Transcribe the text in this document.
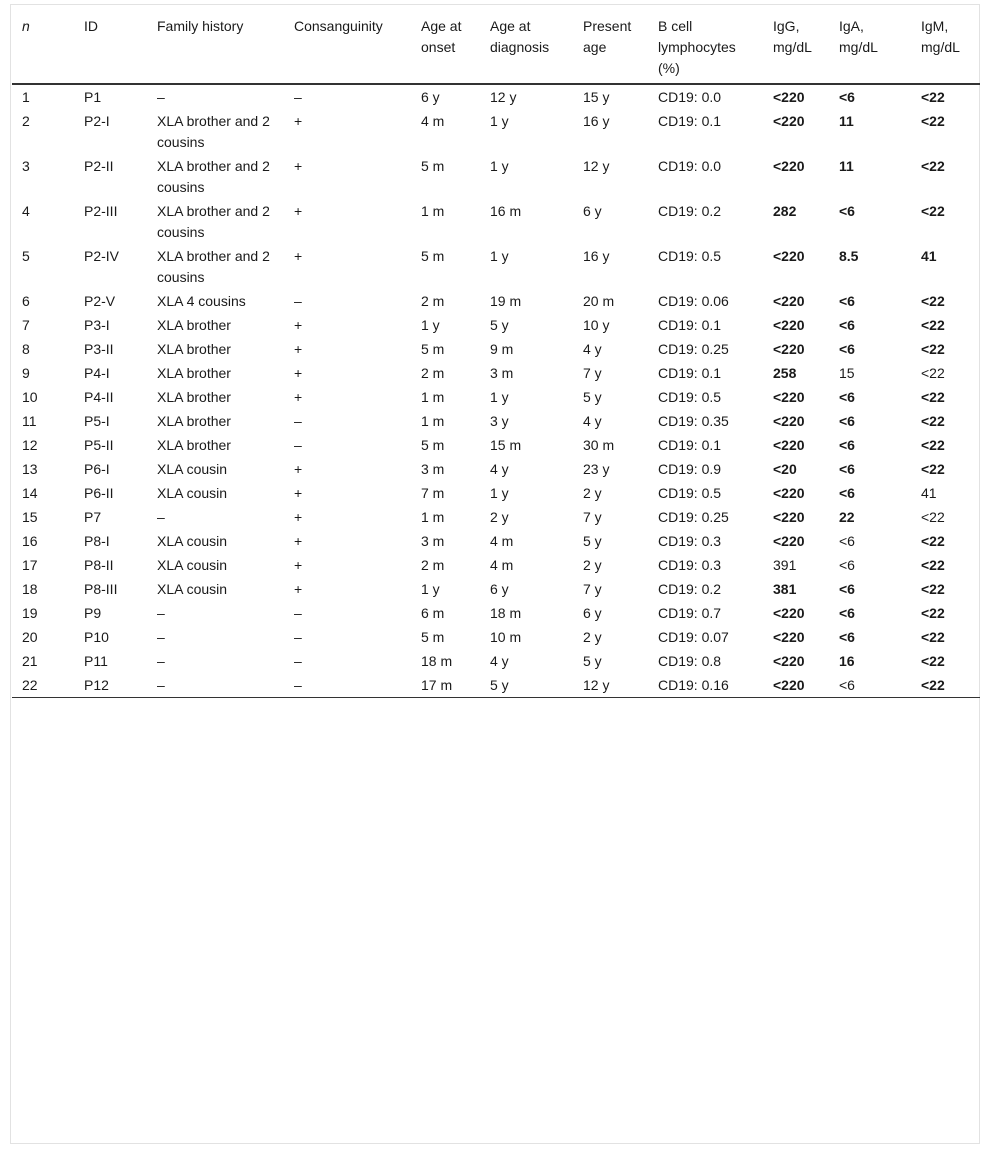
n	ID	Family history	Consanguinity	Age at onset	Age at diagnosis	Present age	B cell lymphocytes (%)	IgG, mg/dL	IgA, mg/dL	IgM, mg/dL
1	P1	–	–	6 y	12 y	15 y	CD19: 0.0	<220	<6	<22
2	P2-I	XLA brother and 2 cousins	+	4 m	1 y	16 y	CD19: 0.1	<220	11	<22
3	P2-II	XLA brother and 2 cousins	+	5 m	1 y	12 y	CD19: 0.0	<220	11	<22
4	P2-III	XLA brother and 2 cousins	+	1 m	16 m	6 y	CD19: 0.2	282	<6	<22
5	P2-IV	XLA brother and 2 cousins	+	5 m	1 y	16 y	CD19: 0.5	<220	8.5	41
6	P2-V	XLA 4 cousins	–	2 m	19 m	20 m	CD19: 0.06	<220	<6	<22
7	P3-I	XLA brother	+	1 y	5 y	10 y	CD19: 0.1	<220	<6	<22
8	P3-II	XLA brother	+	5 m	9 m	4 y	CD19: 0.25	<220	<6	<22
9	P4-I	XLA brother	+	2 m	3 m	7 y	CD19: 0.1	258	15	<22
10	P4-II	XLA brother	+	1 m	1 y	5 y	CD19: 0.5	<220	<6	<22
11	P5-I	XLA brother	–	1 m	3 y	4 y	CD19: 0.35	<220	<6	<22
12	P5-II	XLA brother	–	5 m	15 m	30 m	CD19: 0.1	<220	<6	<22
13	P6-I	XLA cousin	+	3 m	4 y	23 y	CD19: 0.9	<20	<6	<22
14	P6-II	XLA cousin	+	7 m	1 y	2 y	CD19: 0.5	<220	<6	41
15	P7	–	+	1 m	2 y	7 y	CD19: 0.25	<220	22	<22
16	P8-I	XLA cousin	+	3 m	4 m	5 y	CD19: 0.3	<220	<6	<22
17	P8-II	XLA cousin	+	2 m	4 m	2 y	CD19: 0.3	391	<6	<22
18	P8-III	XLA cousin	+	1 y	6 y	7 y	CD19: 0.2	381	<6	<22
19	P9	–	–	6 m	18 m	6 y	CD19: 0.7	<220	<6	<22
20	P10	–	–	5 m	10 m	2 y	CD19: 0.07	<220	<6	<22
21	P11	–	–	18 m	4 y	5 y	CD19: 0.8	<220	16	<22
22	P12	–	–	17 m	5 y	12 y	CD19: 0.16	<220	<6	<22
